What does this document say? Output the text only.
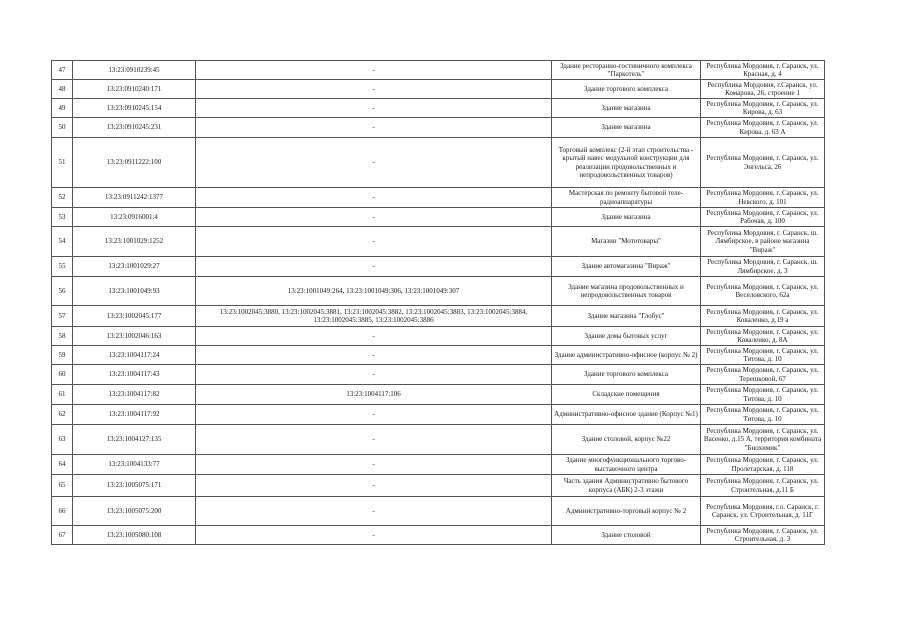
47	13:23:0910239:45	-	Здание ресторанно-гостиничного комплекса "Паркотель"	Республика Мордовия, г. Саранск, ул. Красная, д. 4
48	13:23:0910240:171	-	Здание торгового комплекса	Республика Мордовия, г.Саранск, ул. Комарова, 26, строение 1
49	13:23:0910245:154	-	Здание магазина	Республика Мордовия, г. Саранск, ул. Кирова, д. 63
50	13:23:0910245:231	-	Здание магазина	Республика Мордовия, г. Саранск, ул. Кирова, д. 63 А
51	13:23:0911222:100	-	Торговый комплекс (2-й этап строительства - крытый навес модульной конструкции для реализации продовольственных и непродовольственных товаров)	Республика Мордовия, г. Саранск, ул. Энгельса, 26
52	13:23:0911242:1377	-	Мастерская по ремонту бытовой теле-радиоаппаратуры	Республика Мордовия, г. Саранск, ул. Невского, д. 101
53	13:23:0916001:4	-	Здание магазина	Республика Мордовия, г. Саранск, ул. Рабочая, д. 100
54	13:23:1001029:1252	-	Магазин "Мототовары"	Республика Мордовия, г. Саранск, ш. Лямбирское, в районе магазина "Вираж"
55	13:23:1001029:27	-	Здание автомагазина "Вираж"	Республика Мордовия, г. Саранск, ш. Лямбирское, д. 3
56	13:23:1001049:93	13:23:1001049:264, 13:23:1001049:306, 13:23:1001049:307	Здание магазина продовольственных и непродовольственных товаров	Республика Мордовия, г. Саранск, ул. Веселовского, 62а
57	13:23:1002045:177	13:23:1002045:3880, 13:23:1002045:3881, 13:23:1002045:3882, 13:23:1002045:3883, 13:23:1002045:3884, 13:23:1002045:3885, 13:23:1002045:3886	Здание магазина "Глобус"	Республика Мордовия, г. Саранск, ул. Коваленко, д.19 а
58	13:23:1002046:163	-	Здание дома бытовых услуг	Республика Мордовия, г. Саранск, ул. Коваленко, д. 8А
59	13:23:1004117:24	-	Здание административно-офисное (корпус № 2)	Республика Мордовия, г. Саранск, ул. Титова, д. 10
60	13:23:1004117:43	-	Здание торгового комплекса	Республика Мордовия, г. Саранск, ул. Терешковой, 67
61	13:23:1004117:82	13:23:1004117:106	Складские помещения	Республика Мордовия, г. Саранск, ул. Титова, д. 10
62	13:23:1004117:92	-	Административно-офисное здание (Корпус №1)	Республика Мордовия, г. Саранск, ул. Титова, д. 10
63	13:23:1004127:135	-	Здание столовой, корпус №22	Республика Мордовия, г. Саранск, ул. Васенко, д.15 А, территория комбината "Биохимик"
64	13:23:1004133:77	-	Здание многофункционального торгово-выставочного центра	Республика Мордовия, г. Саранск, ул. Пролетарская, д. 118
65	13:23:1005075:171	-	Часть здания Административно бытового корпуса (АБК) 2-3 этажи	Республика Мордовия, г. Саранск, ул. Строительная, д.11 Б
66	13:23:1005075:200	-	Административно-торговый корпус № 2	Республика Мордовия, г.о. Саранск, г. Саранск, ул. Строительная, д. 11Г
67	13:23:1005080:108	-	Здание столовой	Республика Мордовия, г. Саранск, ул. Строительная, д. 3
